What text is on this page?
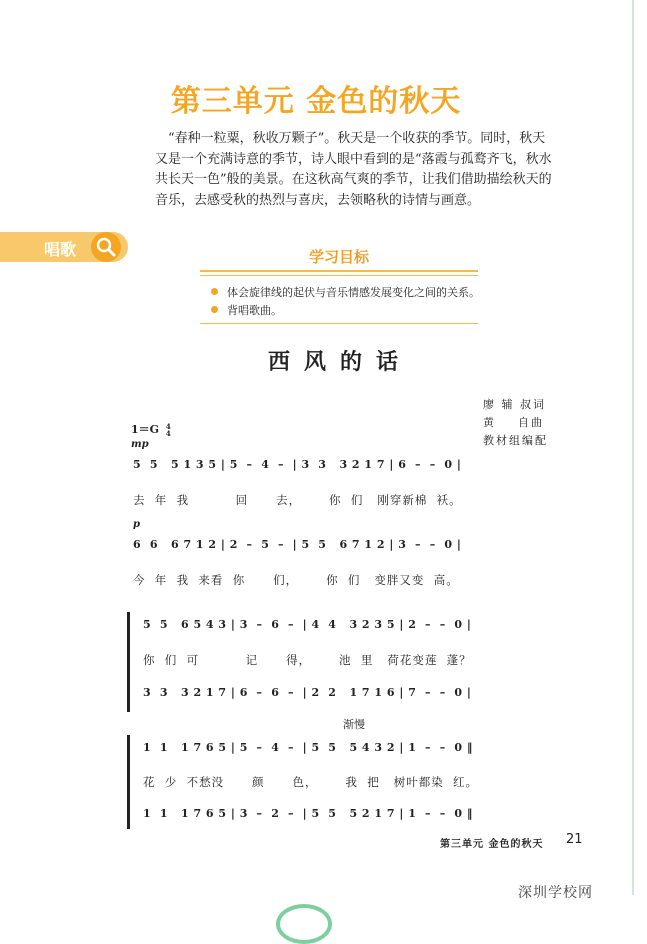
第三单元 金色的秋天

“春种一粒粟，秋收万颗子”。秋天是一个收获的季节。同时，秋天又是一个充满诗意的季节，诗人眼中看到的是“落霞与孤鹜齐飞，秋水共长天一色”般的美景。在这秋高气爽的季节，让我们借助描绘秋天的音乐，去感受秋的热烈与喜庆，去领略秋的诗情与画意。

唱歌	学习目标

体会旋律线的起伏与音乐情感发展变化之间的关系。

背唱歌曲。

西风的话
廖 辅 叔词
黄    自曲
教材组编配
1＝G 4
4
mp
p
5  5   5 1 3 5 | 5  –  4  –  | 3  3   3 2 1 7 | 6  –  –  0 |
去  年  我          回      去，      你  们   刚穿新棉  袄。
6  6   6 7 1 2 | 2  –  5  –  | 5  5   6 7 1 2 | 3  –  –  0 |
今  年  我  来看  你      们，      你  们   变胖又变  高。
5  5   6 5 4 3 | 3  –  6  –  | 4  4   3 2 3 5 | 2  –  –  0 |
你  们  可          记      得，      池  里   荷花变莲  蓬？
3  3   3 2 1 7 | 6  –  6  –  | 2  2   1 7 1 6 | 7  –  –  0 |
渐慢
1  1   1 7 6 5 | 5  –  4  –  | 5  5   5 4 3 2 | 1  –  –  0 ‖
花  少  不愁没      颜      色，      我  把   树叶都染  红。
1  1   1 7 6 5 | 3  –  2  –  | 5  5   5 2 1 7 | 1  –  –  0 ‖
第三单元 金色的秋天 21
深圳学校网
